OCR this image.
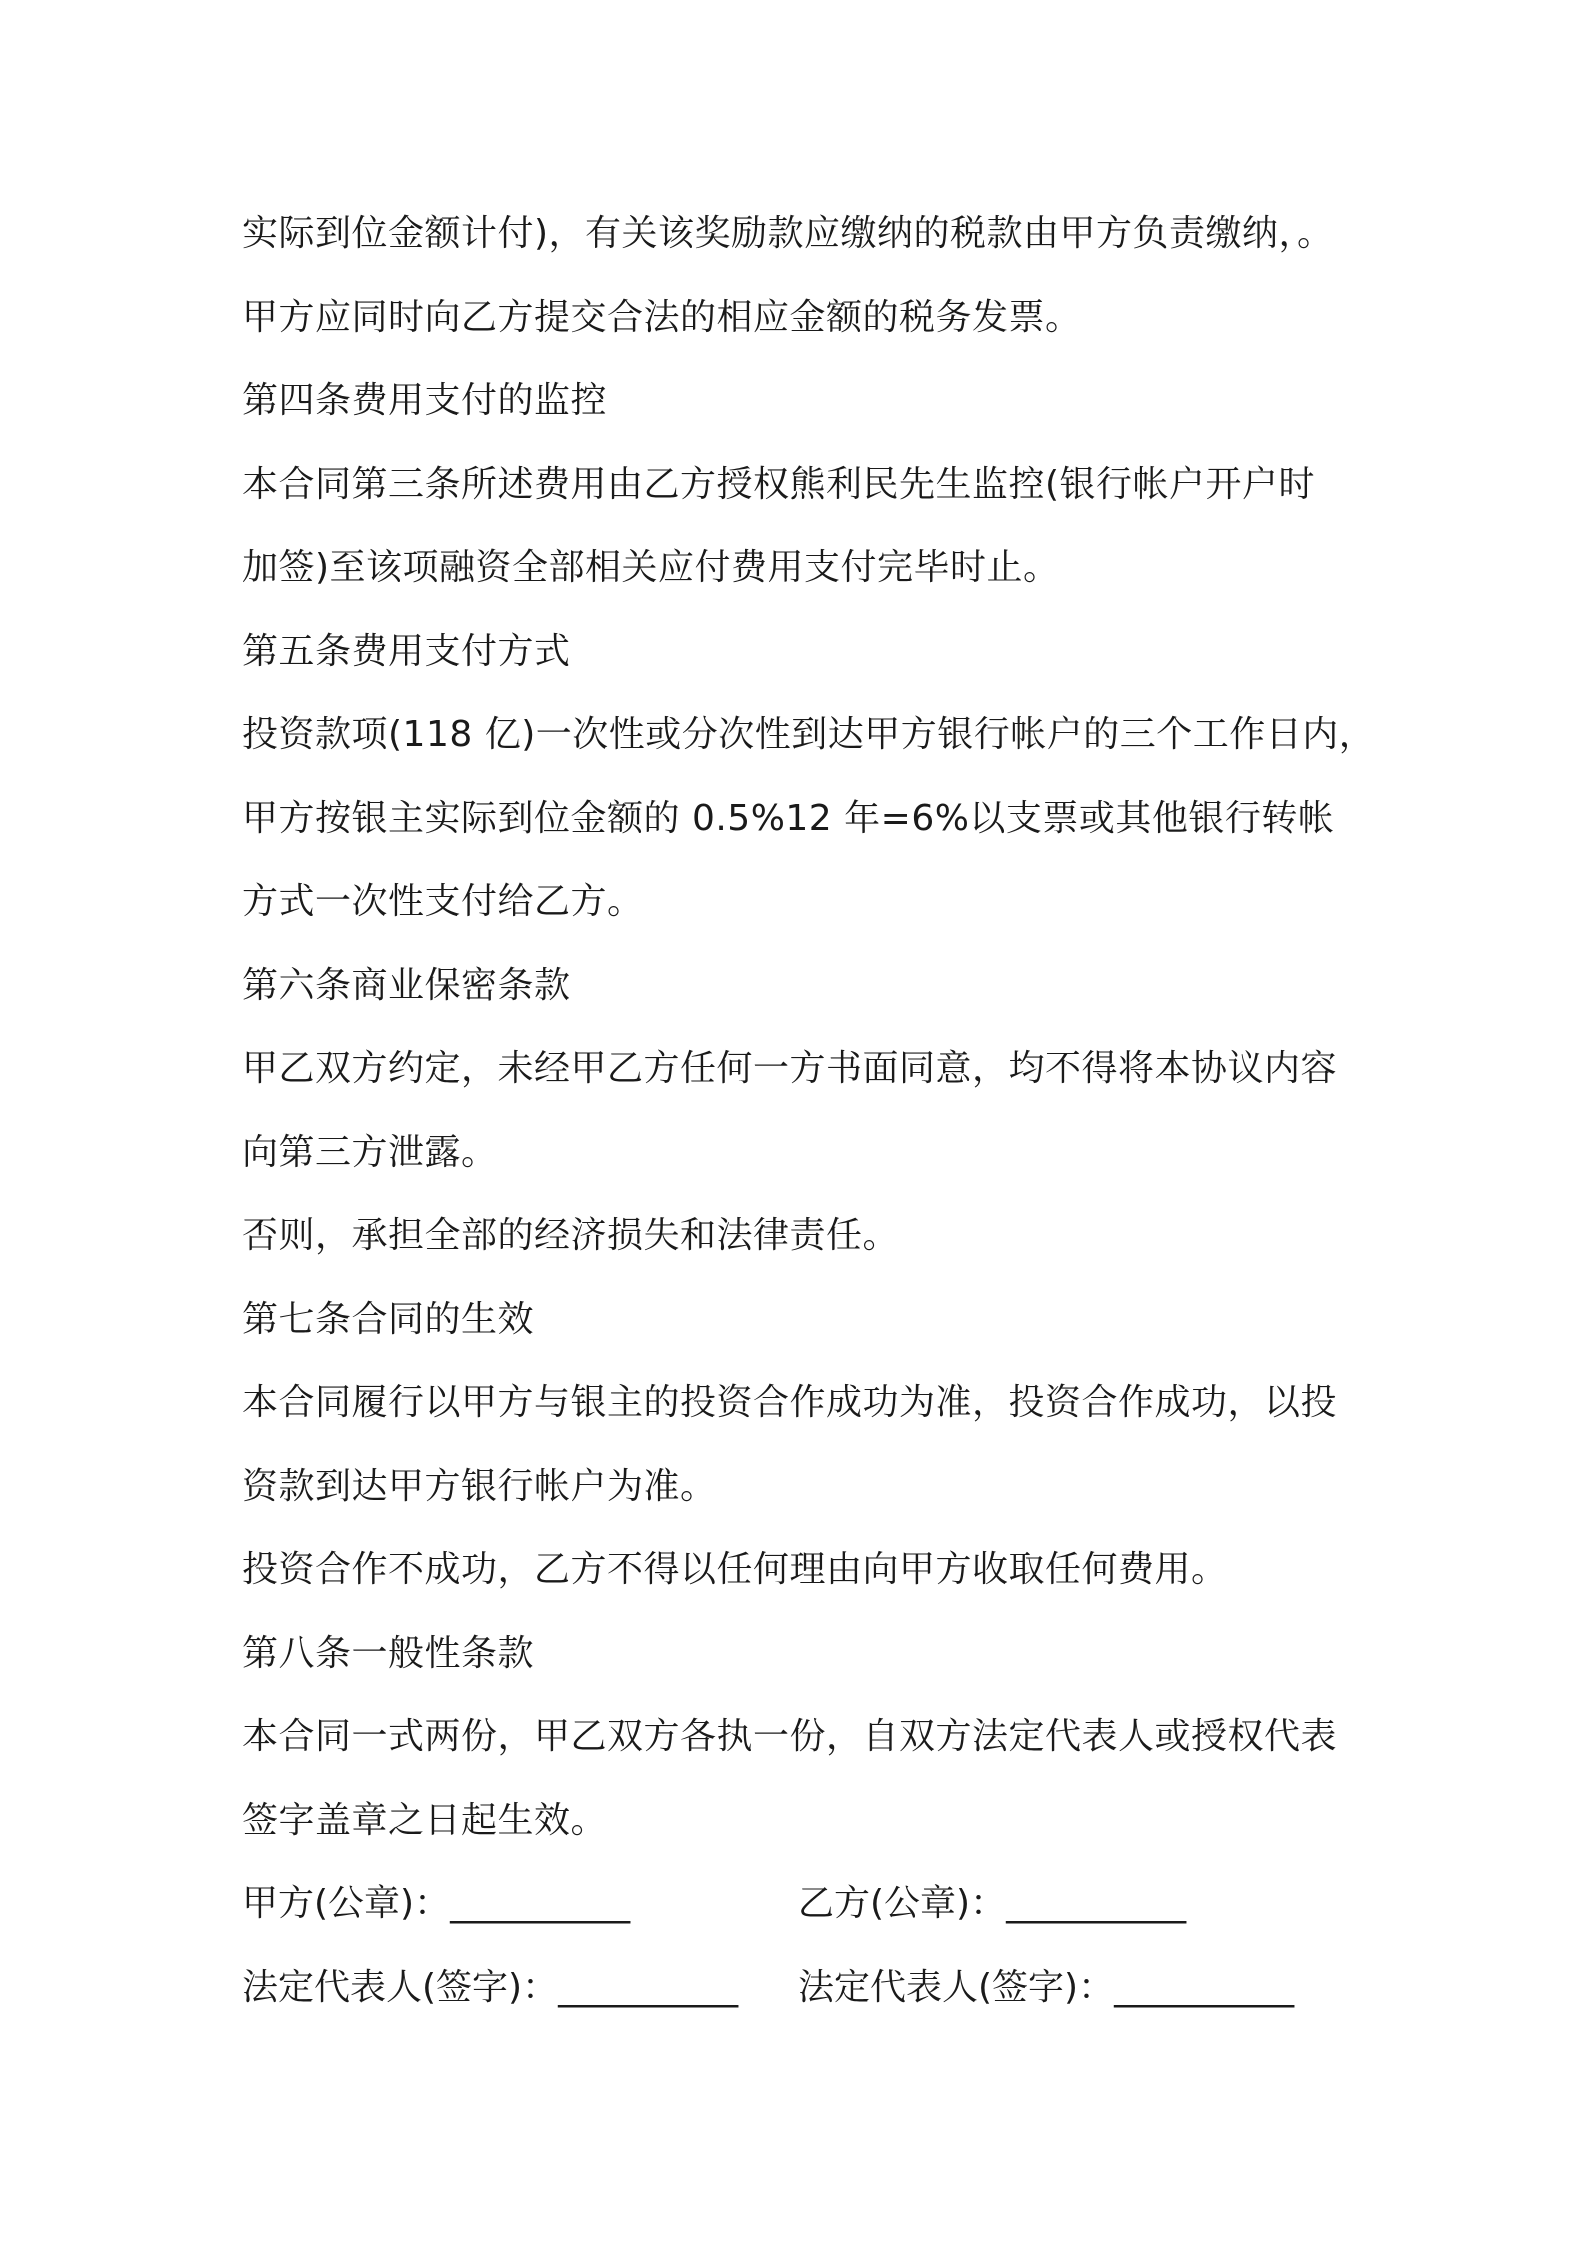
实际到位金额计付)，有关该奖励款应缴纳的税款由甲方负责缴纳，。
甲方应同时向乙方提交合法的相应金额的税务发票。
第四条费用支付的监控
本合同第三条所述费用由乙方授权熊利民先生监控(银行帐户开户时
加签)至该项融资全部相关应付费用支付完毕时止。
第五条费用支付方式
投资款项(118 亿)一次性或分次性到达甲方银行帐户的三个工作日内，
甲方按银主实际到位金额的 0.5%12 年=6%以支票或其他银行转帐
方式一次性支付给乙方。
第六条商业保密条款
甲乙双方约定，未经甲乙方任何一方书面同意，均不得将本协议内容
向第三方泄露。
否则，承担全部的经济损失和法律责任。
第七条合同的生效
本合同履行以甲方与银主的投资合作成功为准，投资合作成功，以投
资款到达甲方银行帐户为准。
投资合作不成功，乙方不得以任何理由向甲方收取任何费用。
第八条一般性条款
本合同一式两份，甲乙双方各执一份，自双方法定代表人或授权代表
签字盖章之日起生效。
甲方(公章)：__________	乙方(公章)：__________
法定代表人(签字)：__________ 法定代表人(签字)：__________
